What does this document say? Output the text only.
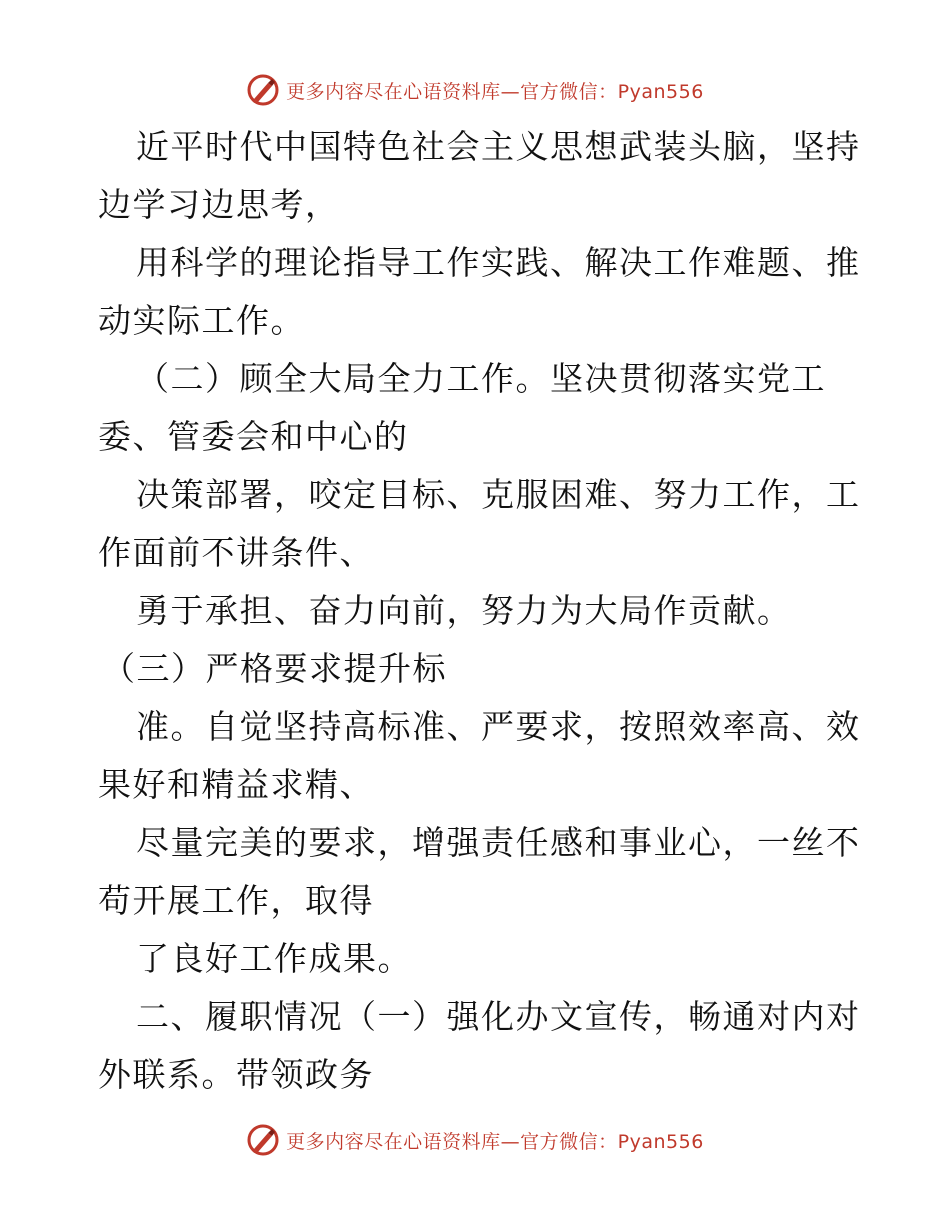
更多内容尽在心语资料库—官方微信：Pyan556
近平时代中国特色社会主义思想武装头脑，坚持
边学习边思考，
用科学的理论指导工作实践、解决工作难题、推
动实际工作。
（二）顾全大局全力工作。坚决贯彻落实党工
委、管委会和中心的
决策部署，咬定目标、克服困难、努力工作，工
作面前不讲条件、
勇于承担、奋力向前，努力为大局作贡献。
（三）严格要求提升标
准。自觉坚持高标准、严要求，按照效率高、效
果好和精益求精、
尽量完美的要求，增强责任感和事业心，一丝不
苟开展工作，取得
了良好工作成果。
二、履职情况（一）强化办文宣传，畅通对内对
外联系。带领政务
更多内容尽在心语资料库—官方微信：Pyan556
